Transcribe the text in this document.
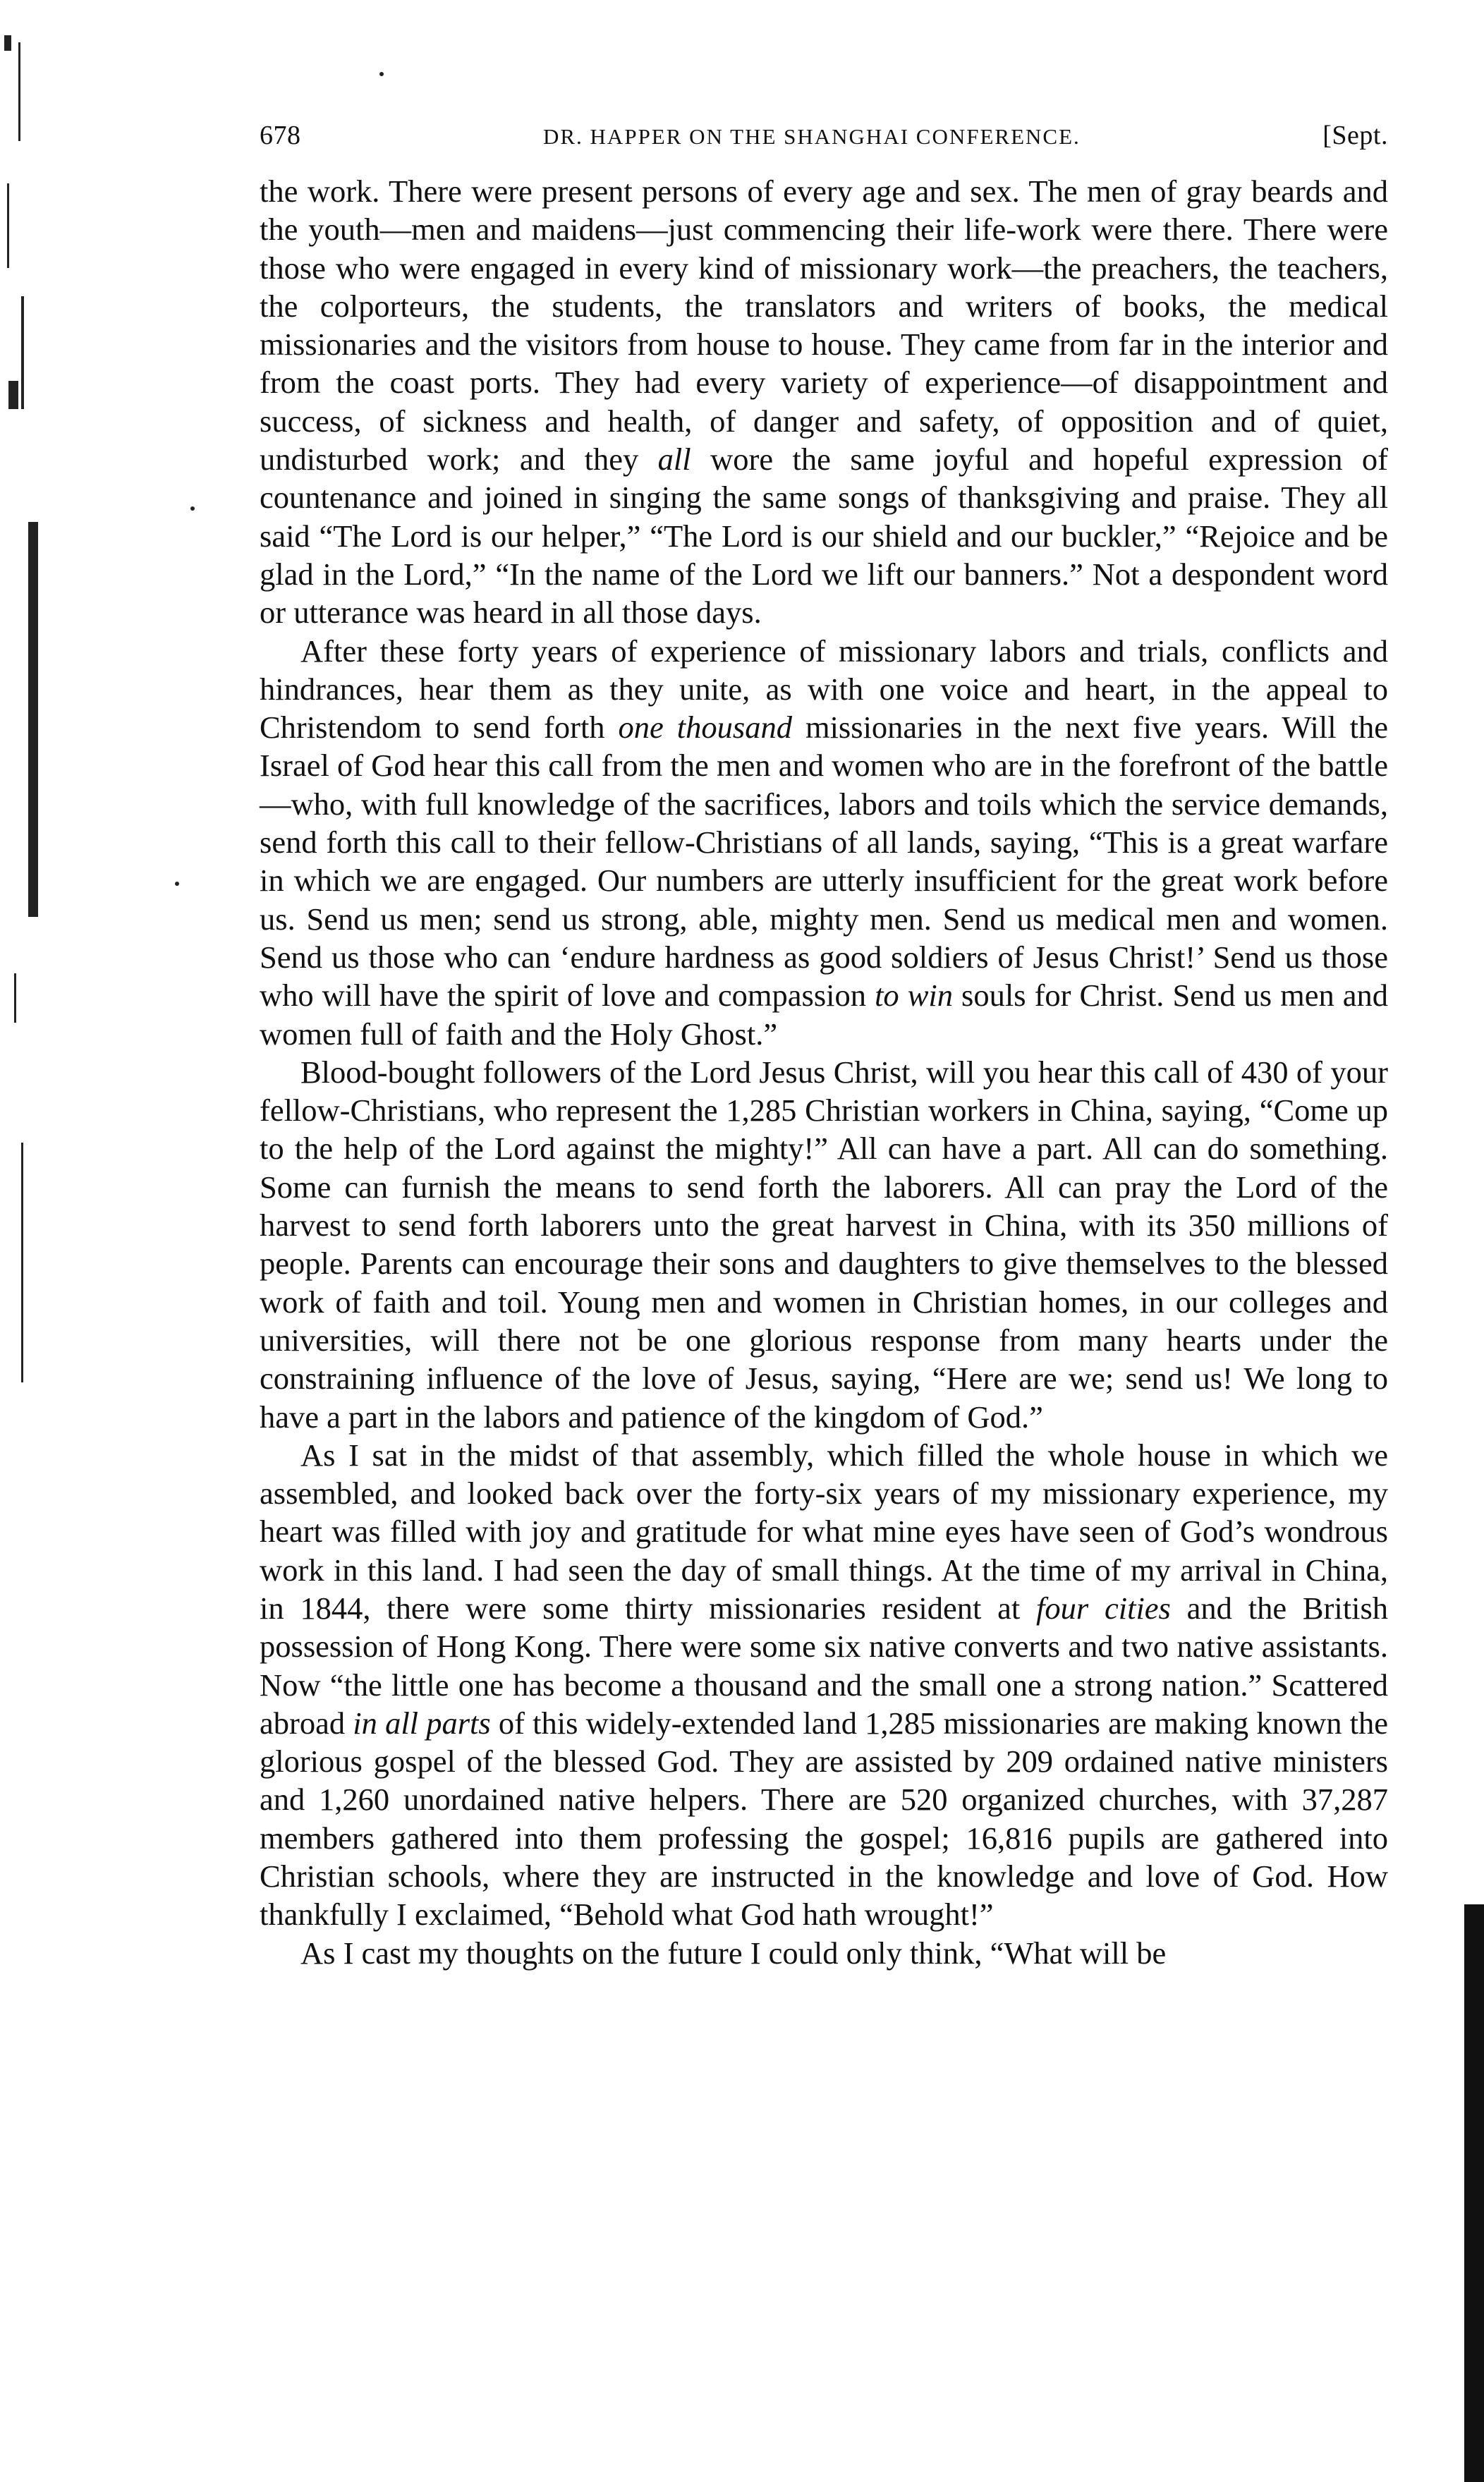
678	DR. HAPPER ON THE SHANGHAI CONFERENCE.	[Sept.

the work. There were present persons of every age and sex. The men of gray beards and the youth—men and maidens—just commencing their life-work were there. There were those who were engaged in every kind of missionary work—the preachers, the teachers, the colporteurs, the students, the translators and writers of books, the medical missionaries and the visitors from house to house. They came from far in the interior and from the coast ports. They had every variety of experience—of disappointment and success, of sickness and health, of danger and safety, of opposition and of quiet, undisturbed work; and they all wore the same joyful and hopeful expression of countenance and joined in singing the same songs of thanksgiving and praise. They all said “The Lord is our helper,” “The Lord is our shield and our buckler,” “Rejoice and be glad in the Lord,” “In the name of the Lord we lift our banners.” Not a despondent word or utterance was heard in all those days.

After these forty years of experience of missionary labors and trials, conflicts and hindrances, hear them as they unite, as with one voice and heart, in the appeal to Christendom to send forth one thousand missionaries in the next five years. Will the Israel of God hear this call from the men and women who are in the forefront of the battle—who, with full knowledge of the sacrifices, labors and toils which the service demands, send forth this call to their fellow-Christians of all lands, saying, “This is a great warfare in which we are engaged. Our numbers are utterly insufficient for the great work before us. Send us men; send us strong, able, mighty men. Send us medical men and women. Send us those who can ‘endure hardness as good soldiers of Jesus Christ!’ Send us those who will have the spirit of love and compassion to win souls for Christ. Send us men and women full of faith and the Holy Ghost.”

Blood-bought followers of the Lord Jesus Christ, will you hear this call of 430 of your fellow-Christians, who represent the 1,285 Christian workers in China, saying, “Come up to the help of the Lord against the mighty!” All can have a part. All can do something. Some can furnish the means to send forth the laborers. All can pray the Lord of the harvest to send forth laborers unto the great harvest in China, with its 350 millions of people. Parents can encourage their sons and daughters to give themselves to the blessed work of faith and toil. Young men and women in Christian homes, in our colleges and universities, will there not be one glorious response from many hearts under the constraining influence of the love of Jesus, saying, “Here are we; send us! We long to have a part in the labors and patience of the kingdom of God.”

As I sat in the midst of that assembly, which filled the whole house in which we assembled, and looked back over the forty-six years of my missionary experience, my heart was filled with joy and gratitude for what mine eyes have seen of God’s wondrous work in this land. I had seen the day of small things. At the time of my arrival in China, in 1844, there were some thirty missionaries resident at four cities and the British possession of Hong Kong. There were some six native converts and two native assistants. Now “the little one has become a thousand and the small one a strong nation.” Scattered abroad in all parts of this widely-extended land 1,285 missionaries are making known the glorious gospel of the blessed God. They are assisted by 209 ordained native ministers and 1,260 unordained native helpers. There are 520 organized churches, with 37,287 members gathered into them professing the gospel; 16,816 pupils are gathered into Christian schools, where they are instructed in the knowledge and love of God. How thankfully I exclaimed, “Behold what God hath wrought!”

As I cast my thoughts on the future I could only think, “What will be
